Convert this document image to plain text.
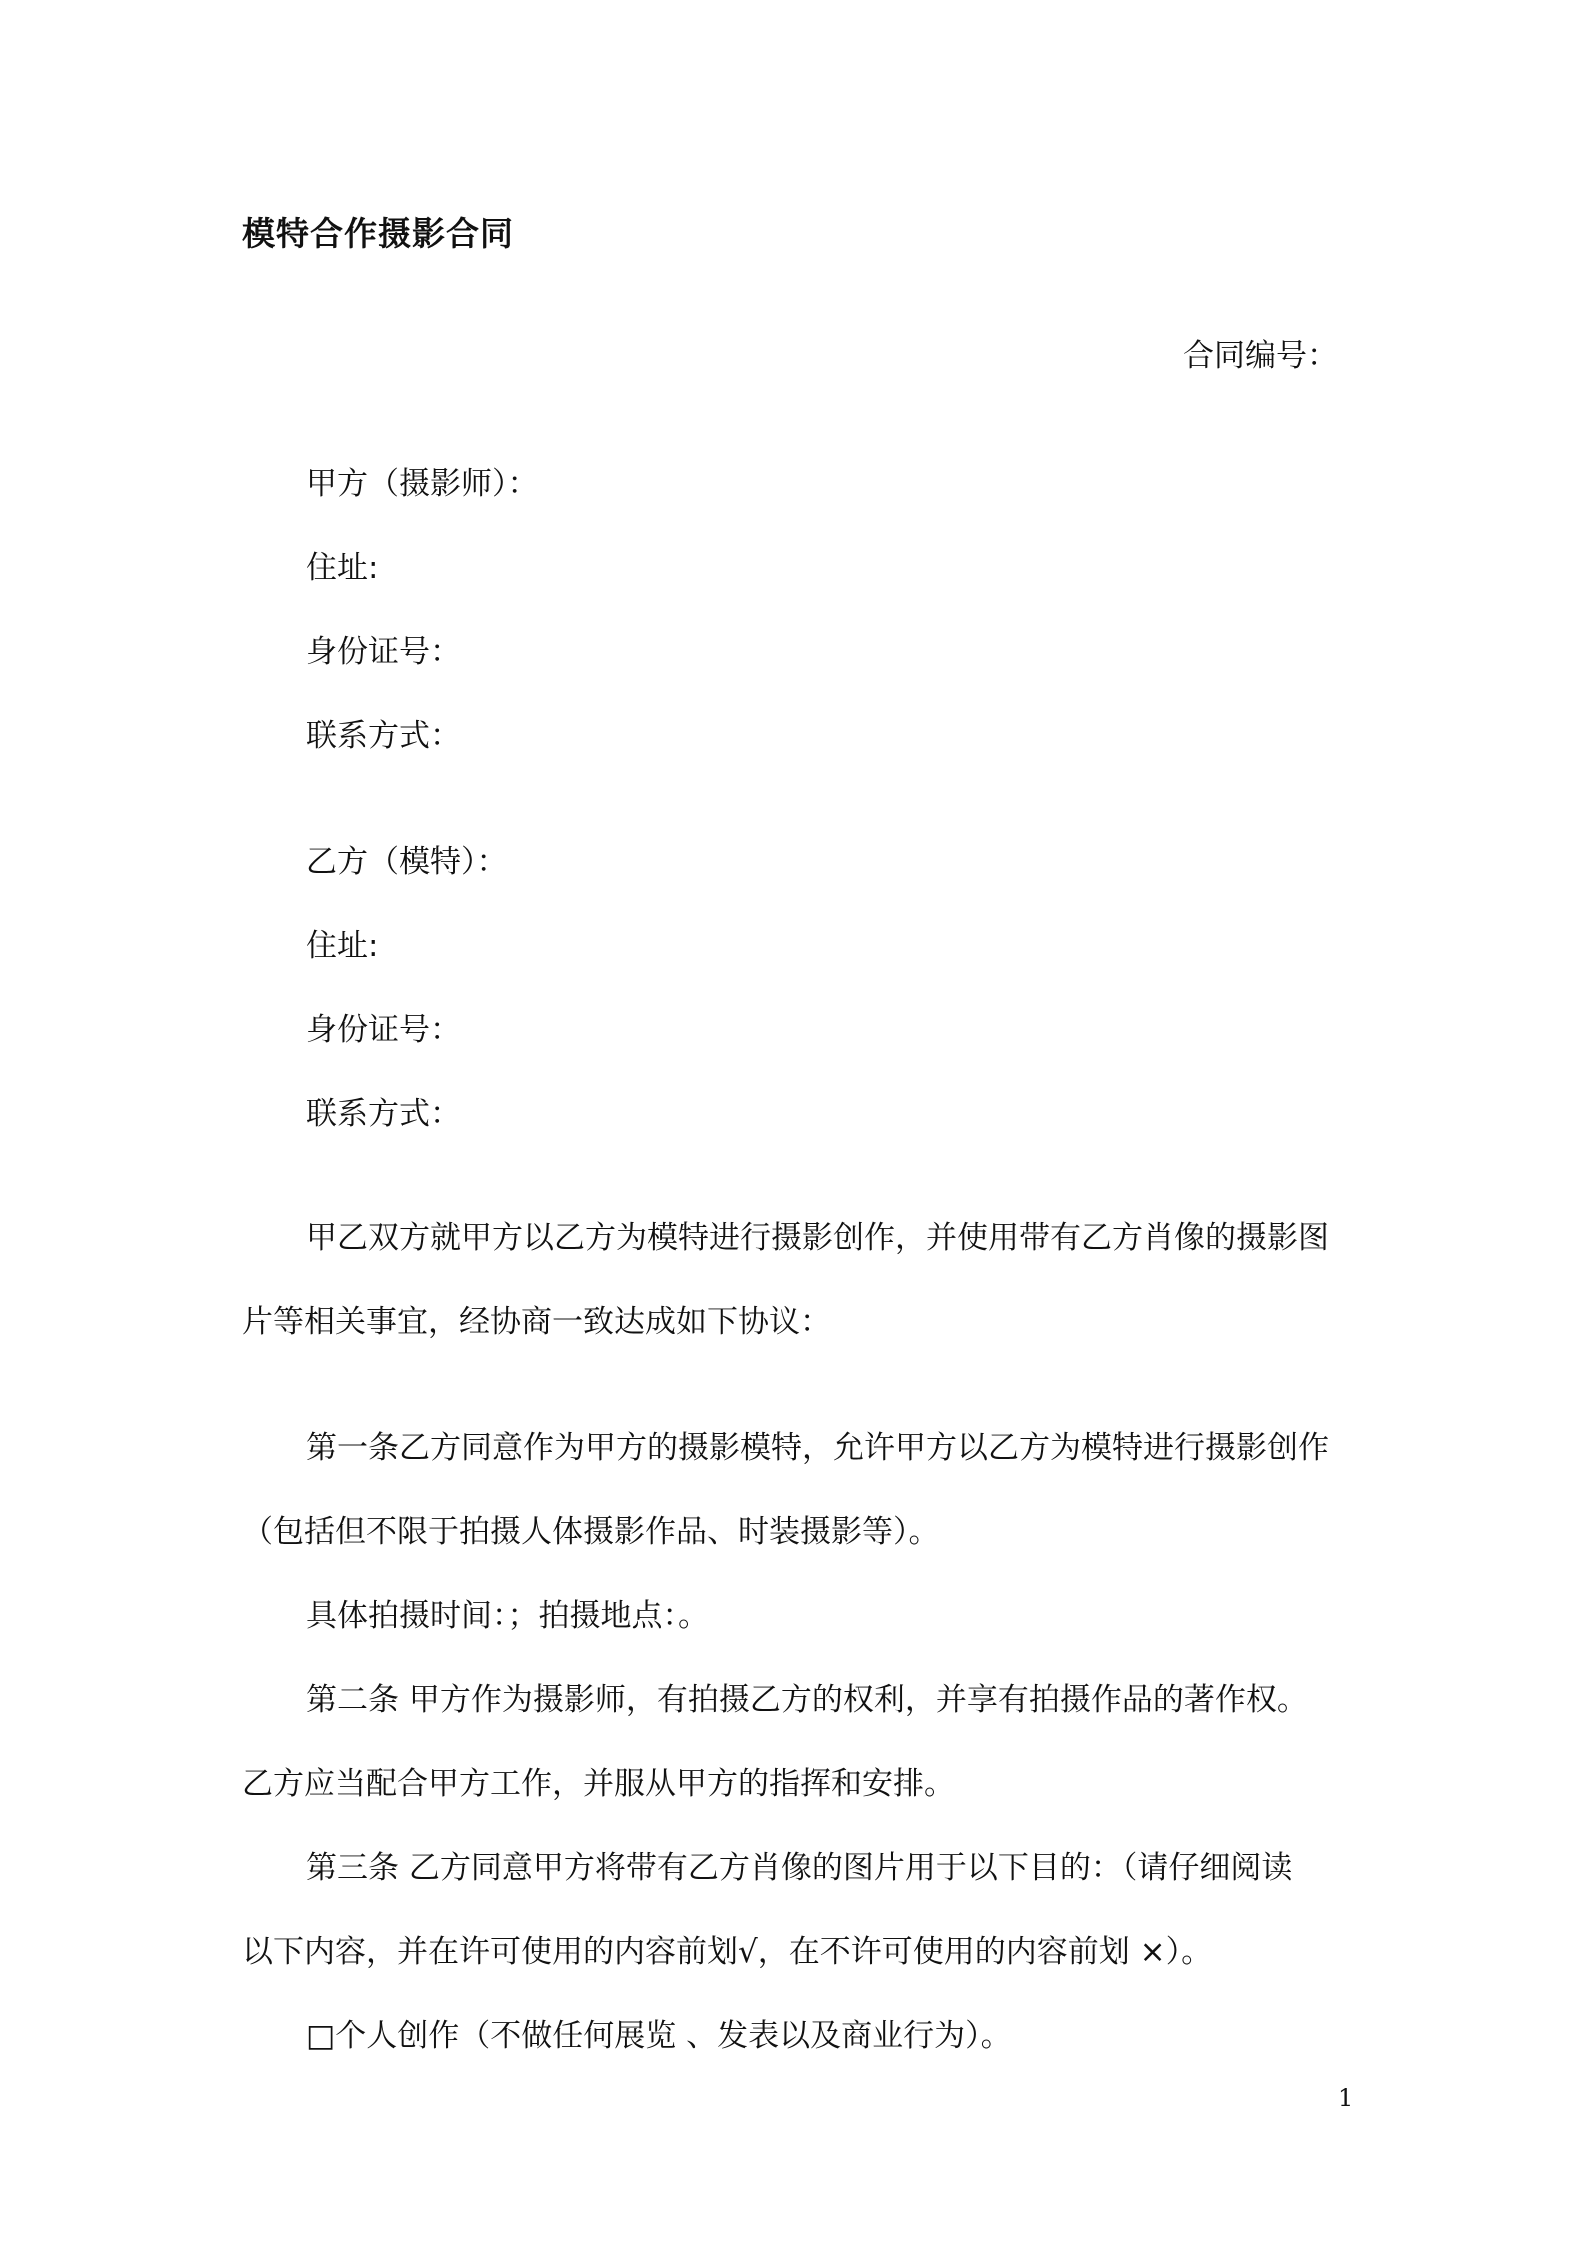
模特合作摄影合同
合同编号：
甲方（摄影师）：
住址:
身份证号：
联系方式：
乙方（模特）：
住址:
身份证号：
联系方式：
甲乙双方就甲方以乙方为模特进行摄影创作，并使用带有乙方肖像的摄影图
片等相关事宜，经协商一致达成如下协议：
第一条乙方同意作为甲方的摄影模特，允许甲方以乙方为模特进行摄影创作
（包括但不限于拍摄人体摄影作品、时装摄影等）。
具体拍摄时间：；拍摄地点：。
第二条 甲方作为摄影师，有拍摄乙方的权利，并享有拍摄作品的著作权。
乙方应当配合甲方工作，并服从甲方的指挥和安排。
第三条 乙方同意甲方将带有乙方肖像的图片用于以下目的：（请仔细阅读
以下内容，并在许可使用的内容前划√，在不许可使用的内容前划 ×）。
□个人创作（不做任何展览 、发表以及商业行为）。
1
